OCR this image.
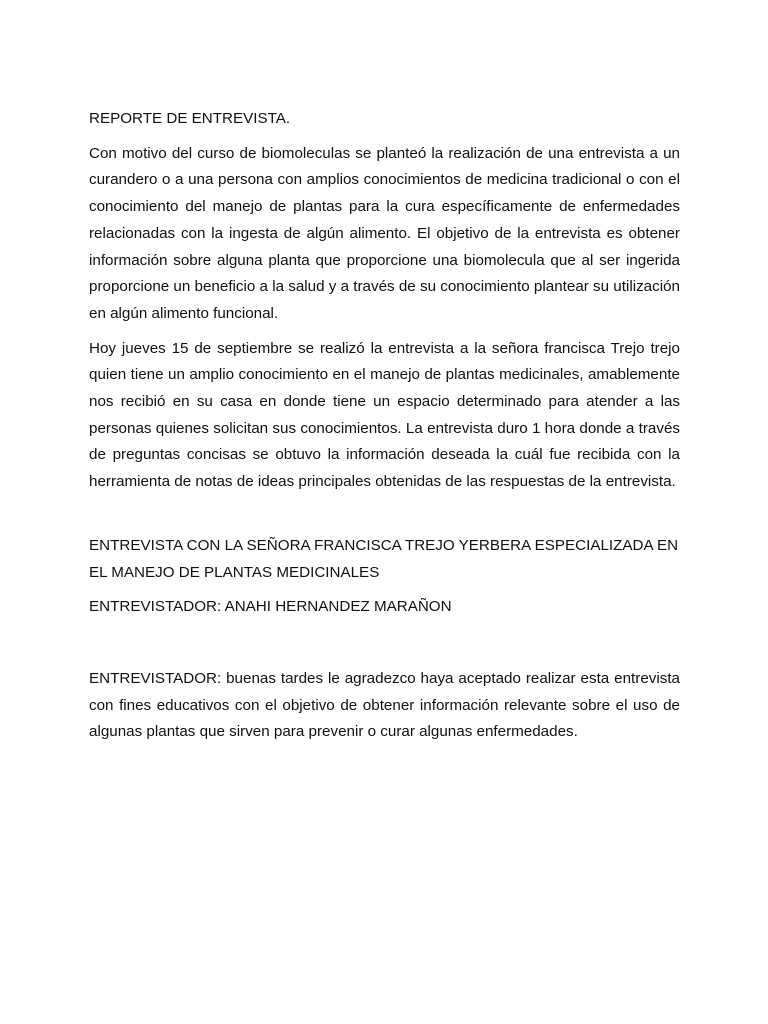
REPORTE DE ENTREVISTA.

Con motivo del curso de biomoleculas se planteó la realización de una entrevista a un curandero o a una persona con amplios conocimientos de medicina tradicional o con el conocimiento del manejo de plantas para la cura específicamente de enfermedades relacionadas con la ingesta de algún alimento. El objetivo de la entrevista es obtener información sobre alguna planta que proporcione una biomolecula que al ser ingerida proporcione un beneficio a la salud y a través de su conocimiento plantear su utilización en algún alimento funcional.

Hoy jueves 15 de septiembre se realizó la entrevista a la señora francisca Trejo trejo quien tiene un amplio conocimiento en el manejo de plantas medicinales, amablemente nos recibió en su casa en donde tiene un espacio determinado para atender a las personas quienes solicitan sus conocimientos. La entrevista duro 1 hora donde a través de preguntas concisas se obtuvo la información deseada la cuál fue recibida con la herramienta de notas de ideas principales obtenidas de las respuestas de la entrevista.

ENTREVISTA CON LA SEÑORA FRANCISCA TREJO YERBERA ESPECIALIZADA EN EL MANEJO DE PLANTAS MEDICINALES

ENTREVISTADOR: ANAHI HERNANDEZ MARAÑON

ENTREVISTADOR: buenas tardes le agradezco haya aceptado realizar esta entrevista con fines educativos con el objetivo de obtener información relevante sobre el uso de algunas plantas que sirven para prevenir o curar algunas enfermedades.
